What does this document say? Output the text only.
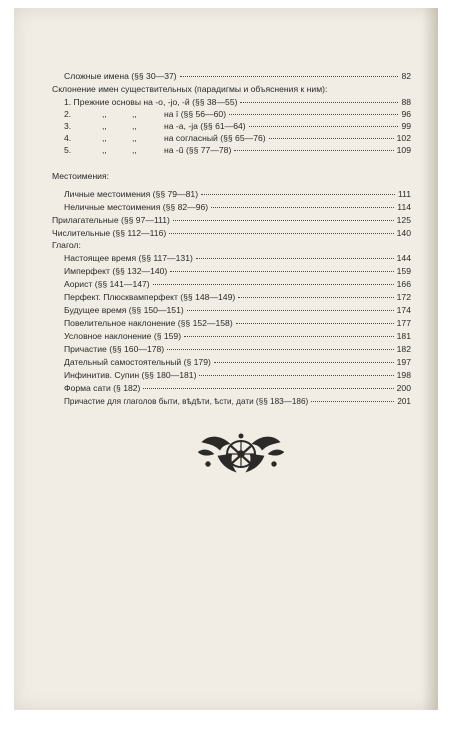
Сложные имена (§§ 30—37)	82
Склонение имен существительных (парадигмы и объяснения к ним):
1. Прежние основы на -о, -jo, -й (§§ 38—55)	88
2.	,,	,,	на ī (§§ 56—60)	96
3.	,,	,,	на -а, -ja (§§ 61—64)	99
4.	,,	,,	на согласный (§§ 65—76)	102
5.	,,	,,	на -ŭ (§§ 77—78)	109
Местоимения:
Личные местоимения (§§ 79—81)	111
Неличные местоимения (§§ 82—96)	114
Прилагательные (§§ 97—111)	125
Числительные (§§ 112—116)	140
Глагол:
Настоящее время (§§ 117—131)	144
Имперфект (§§ 132—140)	159
Аорист (§§ 141—147)	166
Перфект. Плюсквамперфект (§§ 148—149)	172
Будущее время (§§ 150—151)	174
Повелительное наклонение (§§ 152—158)	177
Условное наклонение (§ 159)	181
Причастие (§§ 160—178)	182
Дательный самостоятельный (§ 179)	197
Инфинитив. Супин (§§ 180—181)	198
Форма сати (§ 182)	200
Причастие для глаголов быти, вѣдѣти, ѣсти, дати (§§ 183—186)	201
